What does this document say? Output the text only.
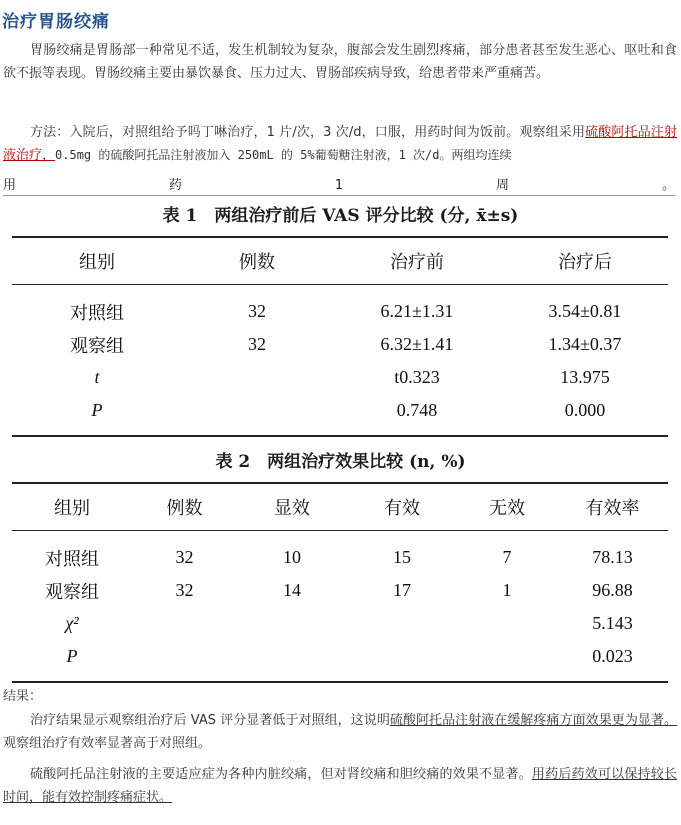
治疗胃肠绞痛
胃肠绞痛是胃肠部一种常见不适，发生机制较为复杂，腹部会发生剧烈疼痛，部分患者甚至发生恶心、呕吐和食欲不振等表现。胃肠绞痛主要由暴饮暴食、压力过大、胃肠部疾病导致，给患者带来严重痛苦。
方法：入院后，对照组给予吗丁啉治疗，1 片/次，3 次/d，口服，用药时间为饭前。观察组采用硫酸阿托品注射液治疗，0.5mg 的硫酸阿托品注射液加入 250mL 的 5%葡萄糖注射液，1 次/d。两组均连续
用	药	1	周	。
表 1　两组治疗前后 VAS 评分比较 (分, x̄±s)
组别	例数	治疗前	治疗后
对照组	32	6.21±1.31	3.54±0.81
观察组	32	6.32±1.41	1.34±0.37
t		t0.323	13.975
P		0.748	0.000
表 2　两组治疗效果比较 (n, %)
组别	例数	显效	有效	无效	有效率
对照组	32	10	15	7	78.13
观察组	32	14	17	1	96.88
χ²					5.143
P					0.023
结果：
治疗结果显示观察组治疗后 VAS 评分显著低于对照组，这说明硫酸阿托品注射液在缓解疼痛方面效果更为显著。观察组治疗有效率显著高于对照组。
硫酸阿托品注射液的主要适应症为各种内脏绞痛，但对肾绞痛和胆绞痛的效果不显著。用药后药效可以保持较长时间，能有效控制疼痛症状。
